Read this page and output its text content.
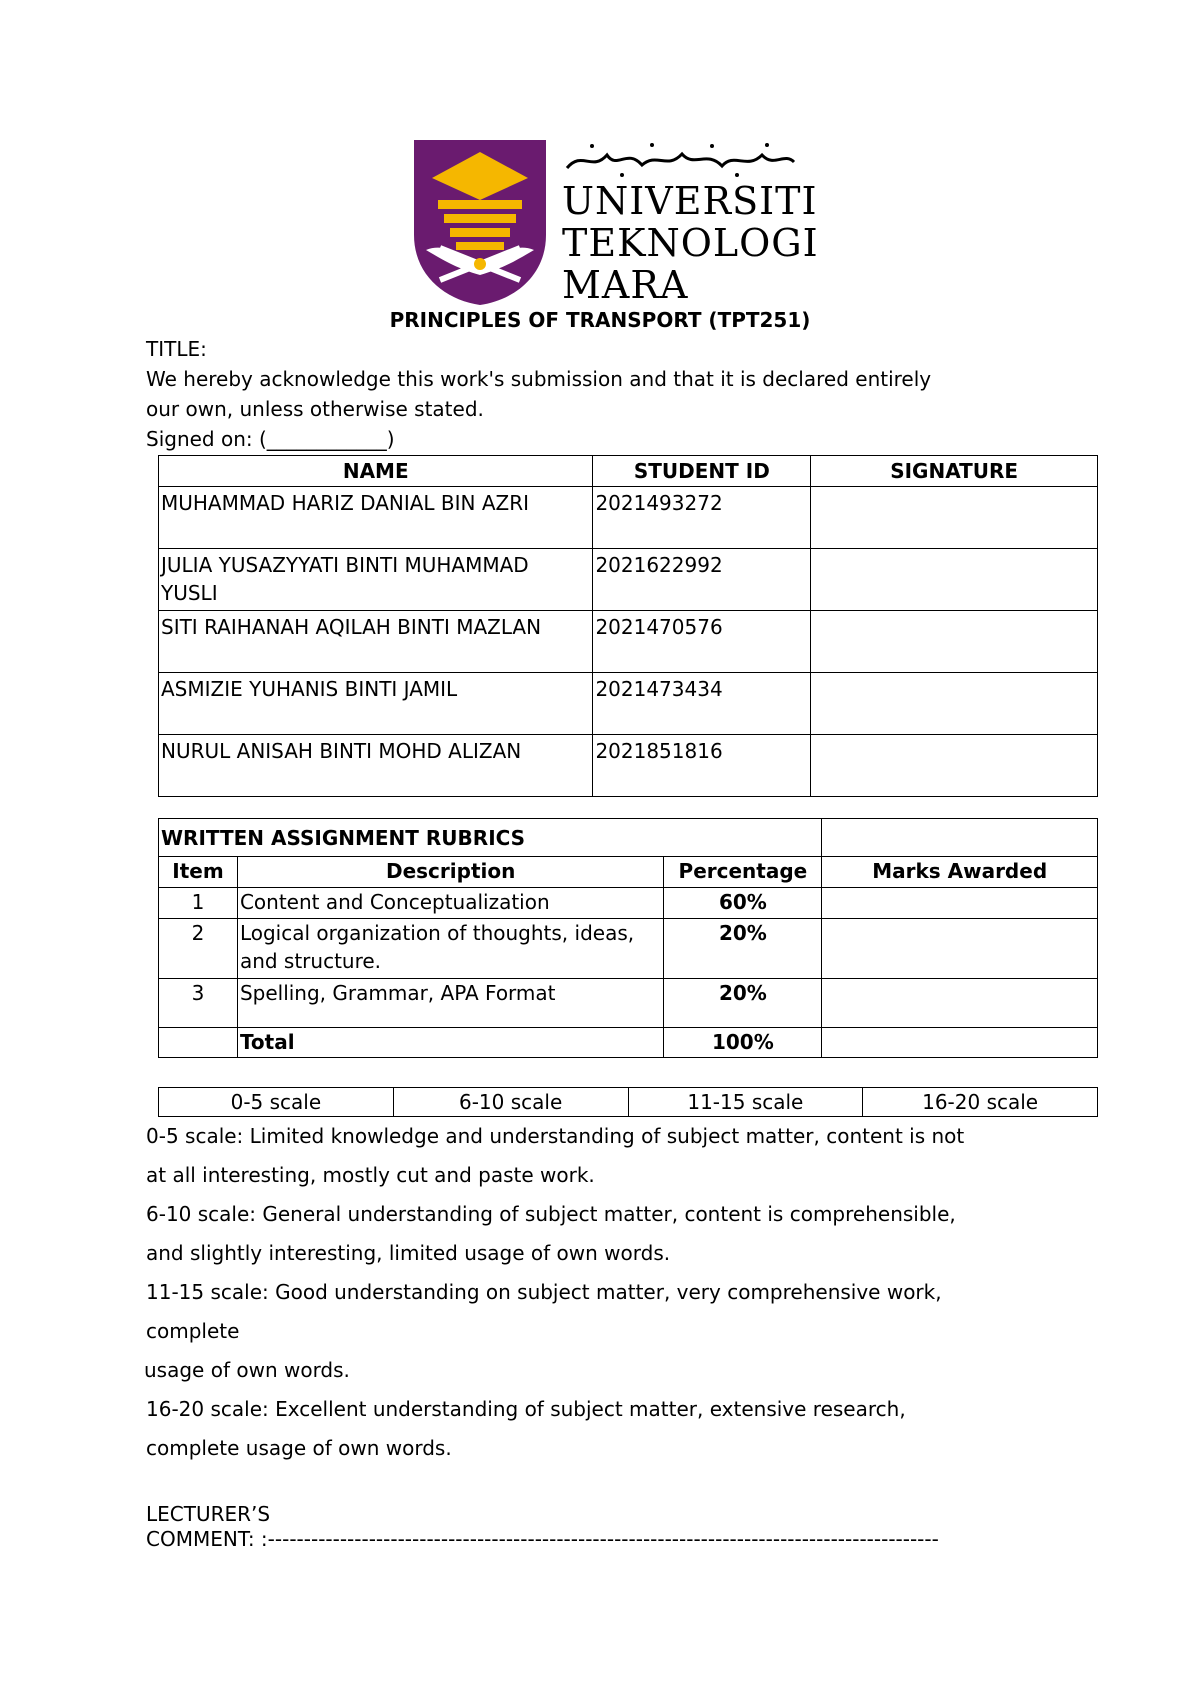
UNIVERSITI
TEKNOLOGI
MARA
PRINCIPLES OF TRANSPORT (TPT251)
TITLE:
We hereby acknowledge this work's submission and that it is declared entirely
our own, unless otherwise stated.
Signed on: (____________)
NAME	STUDENT ID	SIGNATURE
MUHAMMAD HARIZ DANIAL BIN AZRI	2021493272	
JULIA YUSAZYYATI BINTI MUHAMMAD YUSLI	2021622992	
SITI RAIHANAH AQILAH BINTI MAZLAN	2021470576	
ASMIZIE YUHANIS BINTI JAMIL	2021473434	
NURUL ANISAH BINTI MOHD ALIZAN	2021851816	
WRITTEN ASSIGNMENT RUBRICS			
Item	Description	Percentage	Marks Awarded
1	Content and Conceptualization	60%	
2	Logical organization of thoughts, ideas, and structure.	20%	
3	Spelling, Grammar, APA Format	20%	
	Total	100%	
0-5 scale	6-10 scale	11-15 scale	16-20 scale

0-5 scale: Limited knowledge and understanding of subject matter, content is not

at all interesting, mostly cut and paste work.

6-10 scale: General understanding of subject matter, content is comprehensible,

and slightly interesting, limited usage of own words.

11-15 scale: Good understanding on subject matter, very comprehensive work,

complete

usage of own words.

16-20 scale: Excellent understanding of subject matter, extensive research,

complete usage of own words.

LECTURER’S
COMMENT: :---------------------------------------------------------------------------------------------
